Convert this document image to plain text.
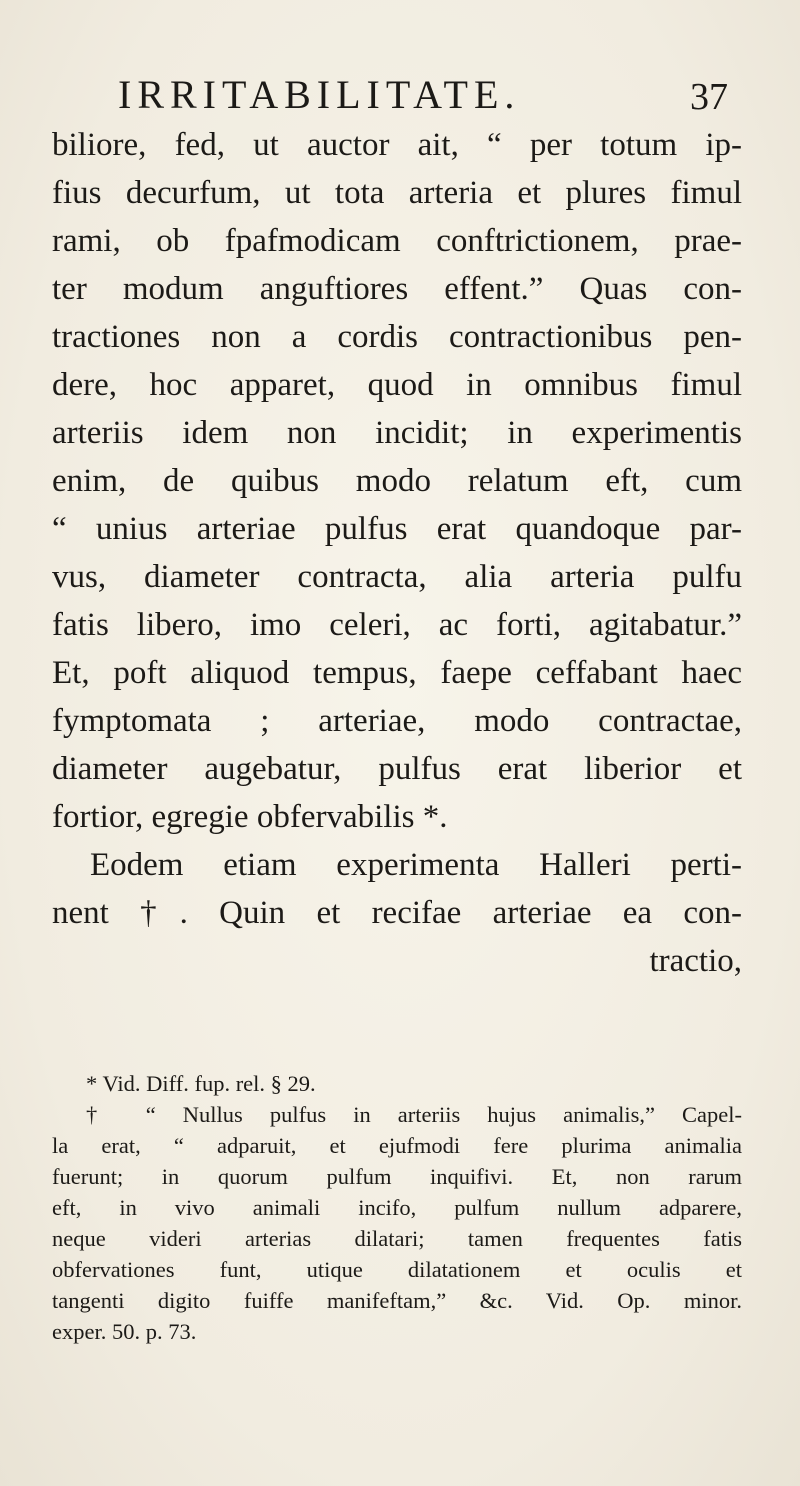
IRRITABILITATE.	37
biliore, fed, ut auctor ait, “ per totum ip-
fius decurfum, ut tota arteria et plures fimul
rami, ob fpafmodicam conftrictionem, prae-
ter modum anguftiores effent.” Quas con-
tractiones non a cordis contractionibus pen-
dere, hoc apparet, quod in omnibus fimul
arteriis idem non incidit; in experimentis
enim, de quibus modo relatum eft, cum
“ unius arteriae pulfus erat quandoque par-
vus, diameter contracta, alia arteria pulfu
fatis libero, imo celeri, ac forti, agitabatur.”
Et, poft aliquod tempus, faepe ceffabant haec
fymptomata ; arteriae, modo contractae,
diameter augebatur, pulfus erat liberior et
fortior, egregie obfervabilis *.
Eodem etiam experimenta Halleri perti-
nent †. Quin et recifae arteriae ea con-
tractio,
* Vid. Diff. fup. rel. § 29.
† “ Nullus pulfus in arteriis hujus animalis,” Capel-
la erat, “ adparuit, et ejufmodi fere plurima animalia
fuerunt; in quorum pulfum inquifivi. Et, non rarum
eft, in vivo animali incifo, pulfum nullum adparere,
neque videri arterias dilatari; tamen frequentes fatis
obfervationes funt, utique dilatationem et oculis et
tangenti digito fuiffe manifeftam,” &c. Vid. Op. minor.
exper. 50. p. 73.
